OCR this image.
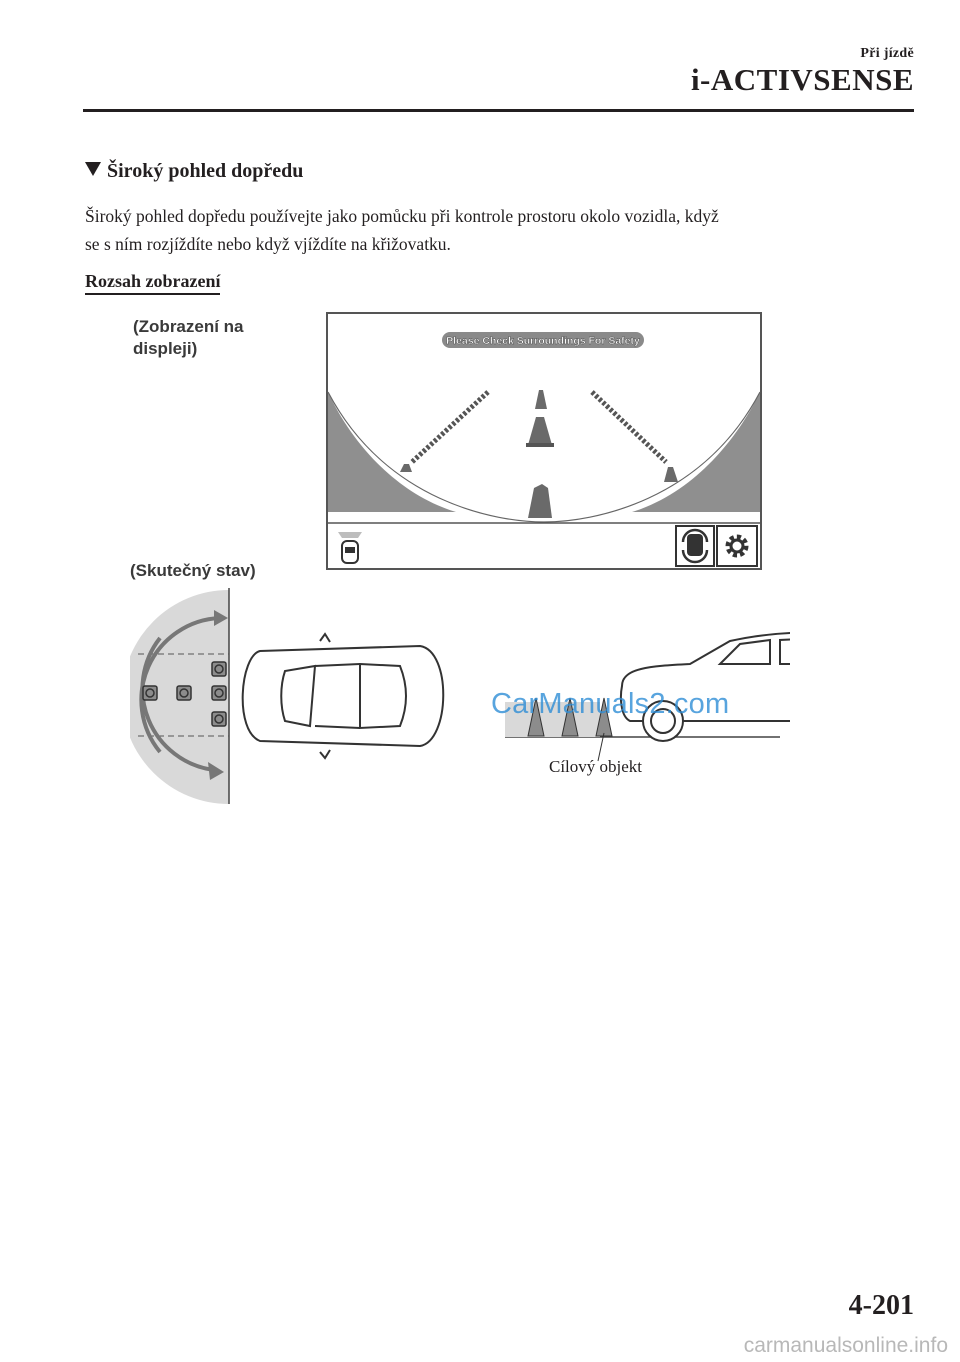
Při jízdě
i-ACTIVSENSE
Široký pohled dopředu

Široký pohled dopředu používejte jako pomůcku při kontrole prostoru okolo vozidla, když

se s ním rozjíždíte nebo když vjíždíte na křižovatku.

Rozsah zobrazení
(Zobrazení na
displeji)	Please Check Surroundings For Safety
(Skutečný stav)
Cílový objekt
CarManuals2.com
4-201
carmanualsonline.info
